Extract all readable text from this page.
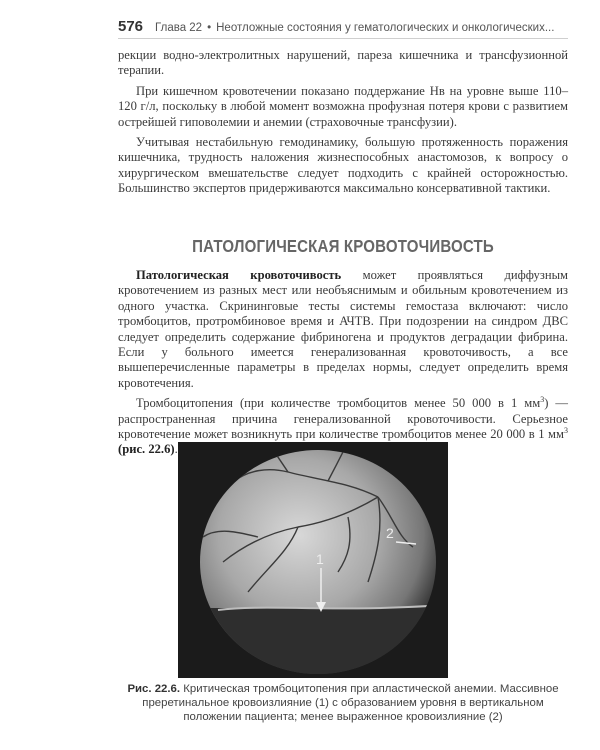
576 Глава 22 • Неотложные состояния у гематологических и онкологических...

рекции водно-электролитных нарушений, пареза кишечника и трансфузионной терапии.

При кишечном кровотечении показано поддержание Hв на уровне выше 110–120 г/л, поскольку в любой момент возможна профузная потеря крови с развитием острейшей гиповолемии и анемии (страховочные трансфузии).

Учитывая нестабильную гемодинамику, большую протяженность поражения кишечника, трудность наложения жизнеспособных анастомозов, к вопросу о хирургическом вмешательстве следует подходить с крайней осторожностью. Большинство экспертов придерживаются максимально консервативной тактики.

ПАТОЛОГИЧЕСКАЯ КРОВОТОЧИВОСТЬ

Патологическая кровоточивость может проявляться диффузным кровотечением из разных мест или необъяснимым и обильным кровотечением из одного участка. Скрининговые тесты системы гемостаза включают: число тромбоцитов, протромбиновое время и АЧТВ. При подозрении на синдром ДВС следует определить содержание фибриногена и продуктов деградации фибрина. Если у больного имеется генерализованная кровоточивость, а все вышеперечисленные параметры в пределах нормы, следует определить время кровотечения.

Тромбоцитопения (при количестве тромбоцитов менее 50 000 в 1 $мм^3$) — распространенная причина генерализованной кровоточивости. Серьезное кровотечение может возникнуть при количестве тромбоцитов менее 20 000 в 1 $мм^3$ (рис. 22.6).

1
2
Рис. 22.6. Критическая тромбоцитопения при апластической анемии. Массивное преретинальное кровоизлияние (1) с образованием уровня в вертикальном положении пациента; менее выраженное кровоизлияние (2)
